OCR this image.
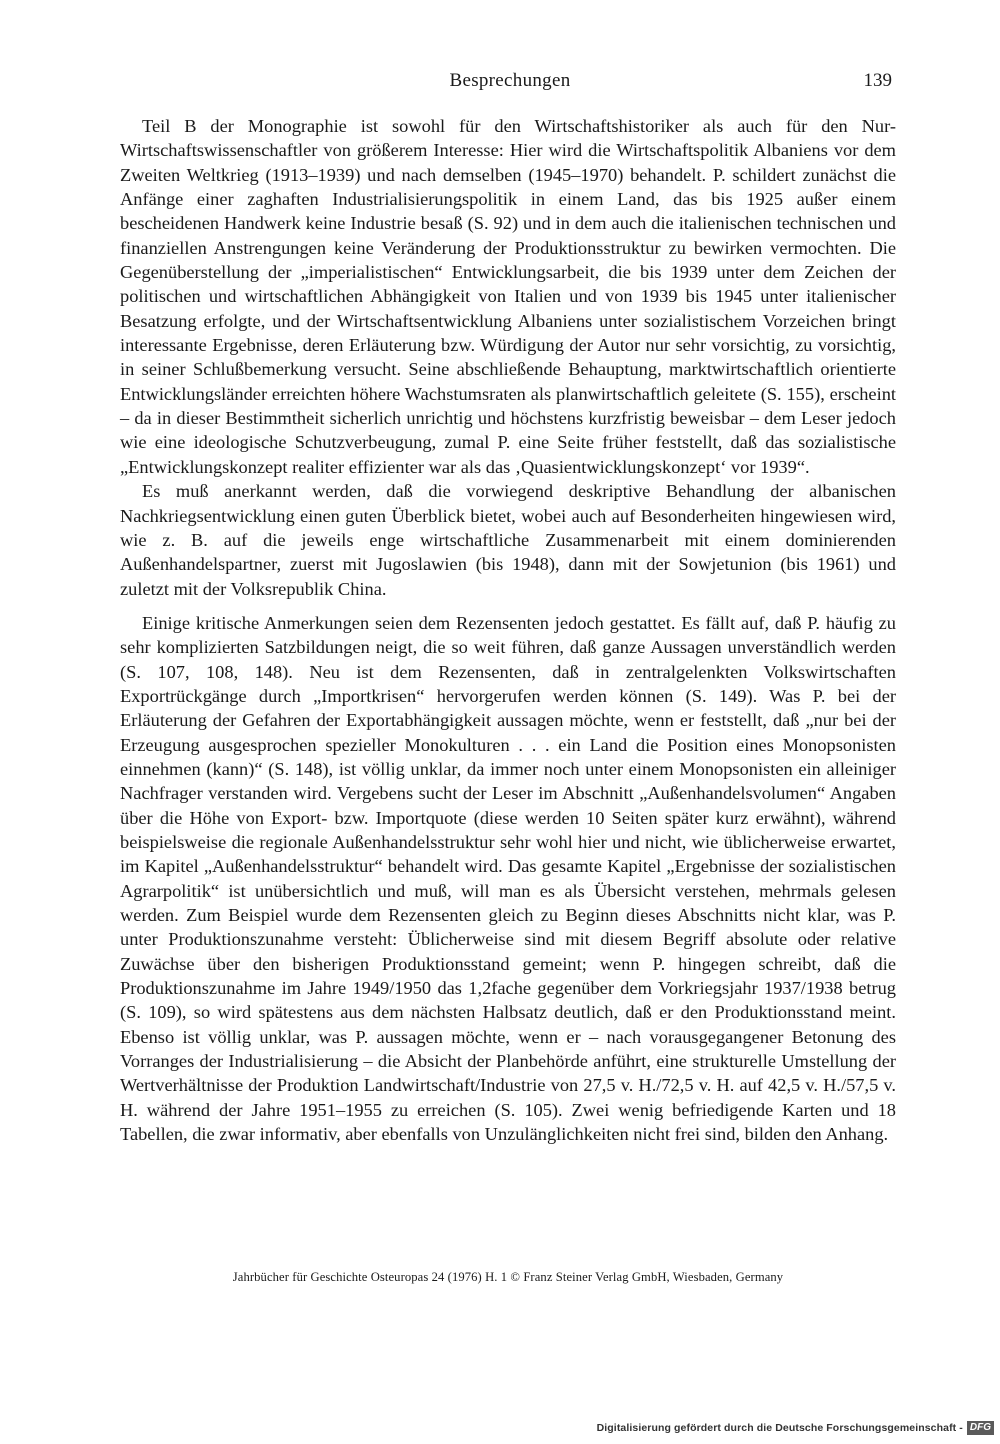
Besprechungen	139

Teil B der Monographie ist sowohl für den Wirtschaftshistoriker als auch für den Nur-Wirtschaftswissenschaftler von größerem Interesse: Hier wird die Wirtschaftspolitik Albaniens vor dem Zweiten Weltkrieg (1913–1939) und nach demselben (1945–1970) behandelt. P. schildert zunächst die Anfänge einer zaghaften Industrialisierungspolitik in einem Land, das bis 1925 außer einem bescheidenen Handwerk keine Industrie besaß (S. 92) und in dem auch die italienischen technischen und finanziellen Anstrengungen keine Veränderung der Produktionsstruktur zu bewirken vermochten. Die Gegenüberstellung der „imperialistischen“ Entwicklungsarbeit, die bis 1939 unter dem Zeichen der politischen und wirtschaftlichen Abhängigkeit von Italien und von 1939 bis 1945 unter italienischer Besatzung erfolgte, und der Wirtschaftsentwicklung Albaniens unter sozialistischem Vorzeichen bringt interessante Ergebnisse, deren Erläuterung bzw. Würdigung der Autor nur sehr vorsichtig, zu vorsichtig, in seiner Schlußbemerkung versucht. Seine abschließende Behauptung, marktwirtschaftlich orientierte Entwicklungsländer erreichten höhere Wachstumsraten als planwirtschaftlich geleitete (S. 155), erscheint – da in dieser Bestimmtheit sicherlich unrichtig und höchstens kurzfristig beweisbar – dem Leser jedoch wie eine ideologische Schutzverbeugung, zumal P. eine Seite früher feststellt, daß das sozialistische „Entwicklungskonzept realiter effizienter war als das ‚Quasientwicklungskonzept‘ vor 1939“.

Es muß anerkannt werden, daß die vorwiegend deskriptive Behandlung der albanischen Nachkriegsentwicklung einen guten Überblick bietet, wobei auch auf Besonderheiten hingewiesen wird, wie z. B. auf die jeweils enge wirtschaftliche Zusammenarbeit mit einem dominierenden Außenhandelspartner, zuerst mit Jugoslawien (bis 1948), dann mit der Sowjetunion (bis 1961) und zuletzt mit der Volksrepublik China.

Einige kritische Anmerkungen seien dem Rezensenten jedoch gestattet. Es fällt auf, daß P. häufig zu sehr komplizierten Satzbildungen neigt, die so weit führen, daß ganze Aussagen unverständlich werden (S. 107, 108, 148). Neu ist dem Rezensenten, daß in zentralgelenkten Volkswirtschaften Exportrückgänge durch „Importkrisen“ hervorgerufen werden können (S. 149). Was P. bei der Erläuterung der Gefahren der Exportabhängigkeit aussagen möchte, wenn er feststellt, daß „nur bei der Erzeugung ausgesprochen spezieller Monokulturen . . . ein Land die Position eines Monopsonisten einnehmen (kann)“ (S. 148), ist völlig unklar, da immer noch unter einem Monopsonisten ein alleiniger Nachfrager verstanden wird. Vergebens sucht der Leser im Abschnitt „Außenhandelsvolumen“ Angaben über die Höhe von Export- bzw. Importquote (diese werden 10 Seiten später kurz erwähnt), während beispielsweise die regionale Außenhandelsstruktur sehr wohl hier und nicht, wie üblicherweise erwartet, im Kapitel „Außenhandelsstruktur“ behandelt wird. Das gesamte Kapitel „Ergebnisse der sozialistischen Agrarpolitik“ ist unübersichtlich und muß, will man es als Übersicht verstehen, mehrmals gelesen werden. Zum Beispiel wurde dem Rezensenten gleich zu Beginn dieses Abschnitts nicht klar, was P. unter Produktionszunahme versteht: Üblicherweise sind mit diesem Begriff absolute oder relative Zuwächse über den bisherigen Produktionsstand gemeint; wenn P. hingegen schreibt, daß die Produktionszunahme im Jahre 1949/1950 das 1,2fache gegenüber dem Vorkriegsjahr 1937/1938 betrug (S. 109), so wird spätestens aus dem nächsten Halbsatz deutlich, daß er den Produktionsstand meint. Ebenso ist völlig unklar, was P. aussagen möchte, wenn er – nach vorausgegangener Betonung des Vorranges der Industrialisierung – die Absicht der Planbehörde anführt, eine strukturelle Umstellung der Wertverhältnisse der Produktion Landwirtschaft/Industrie von 27,5 v. H./72,5 v. H. auf 42,5 v. H./57,5 v. H. während der Jahre 1951–1955 zu erreichen (S. 105). Zwei wenig befriedigende Karten und 18 Tabellen, die zwar informativ, aber ebenfalls von Unzulänglichkeiten nicht frei sind, bilden den Anhang.

Jahrbücher für Geschichte Osteuropas 24 (1976) H. 1 © Franz Steiner Verlag GmbH, Wiesbaden, Germany
Digitalisierung gefördert durch die Deutsche Forschungsgemeinschaft - DFG
